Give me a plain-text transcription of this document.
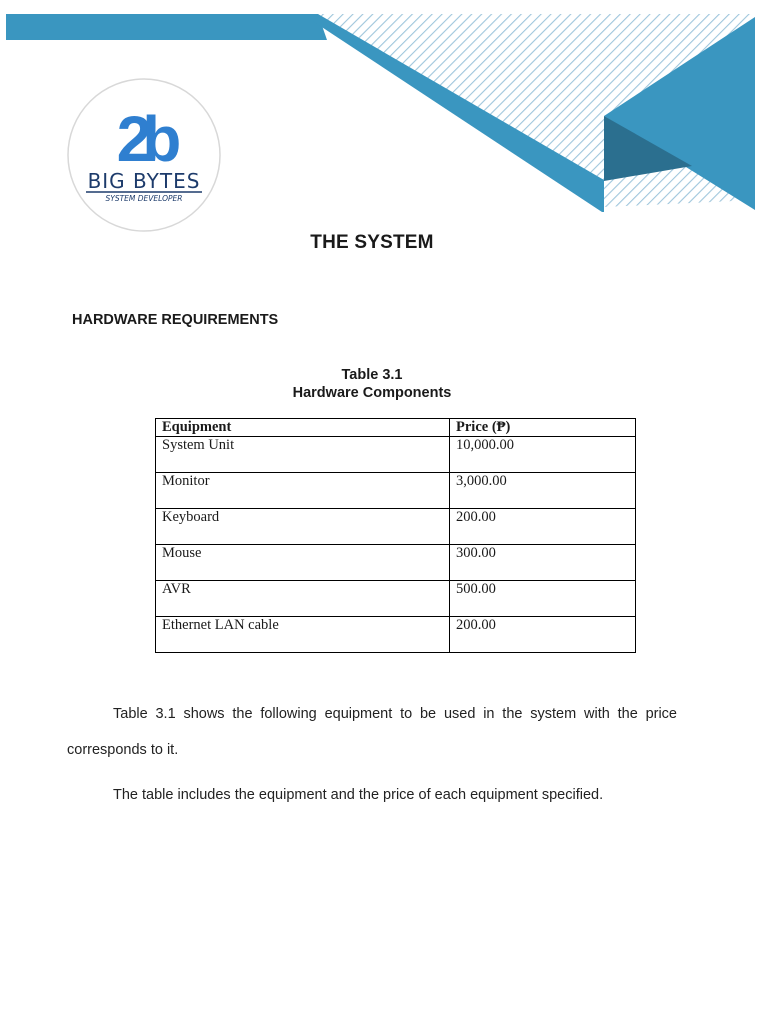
2b
BIG BYTES
SYSTEM DEVELOPER
THE SYSTEM
HARDWARE REQUIREMENTS
Table 3.1
Hardware Components
Equipment	Price (₱)
System Unit	10,000.00
Monitor	3,000.00
Keyboard	200.00
Mouse	300.00
AVR	500.00
Ethernet LAN cable	200.00
Table 3.1 shows the following equipment to be used in the system with the price corresponds to it.
The table includes the equipment and the price of each equipment specified.
